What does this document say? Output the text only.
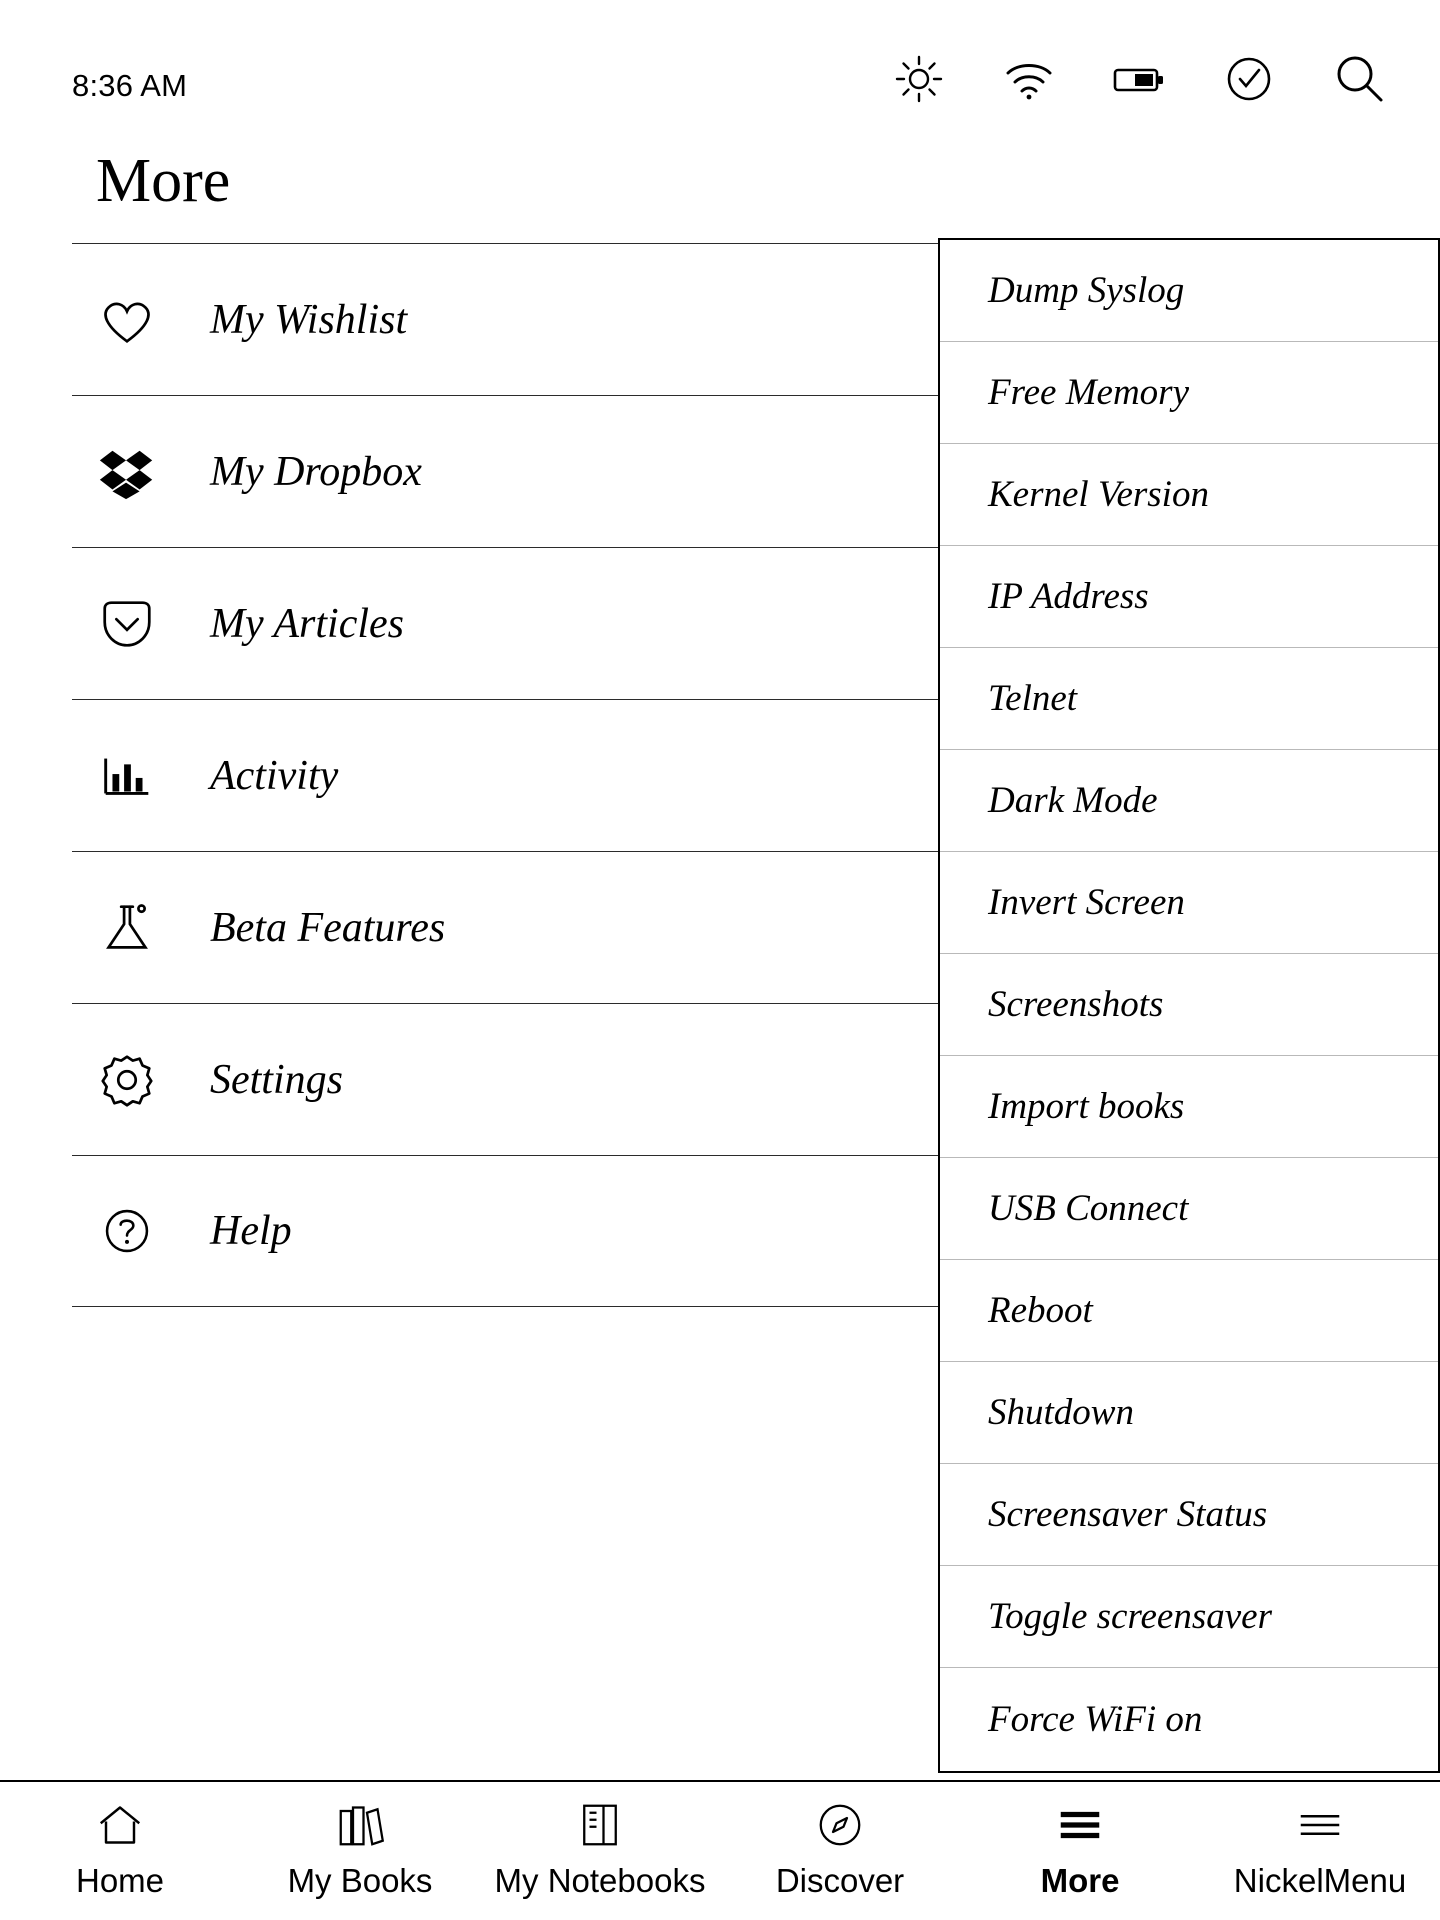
8:36 AM
More
My Wishlist
My Dropbox
My Articles
Activity
Beta Features
Settings
Help
Dump Syslog
Free Memory
Kernel Version
IP Address
Telnet
Dark Mode
Invert Screen
Screenshots
Import books
USB Connect
Reboot
Shutdown
Screensaver Status
Toggle screensaver
Force WiFi on
Home	My Books My Notebooks Discover	More	NickelMenu
